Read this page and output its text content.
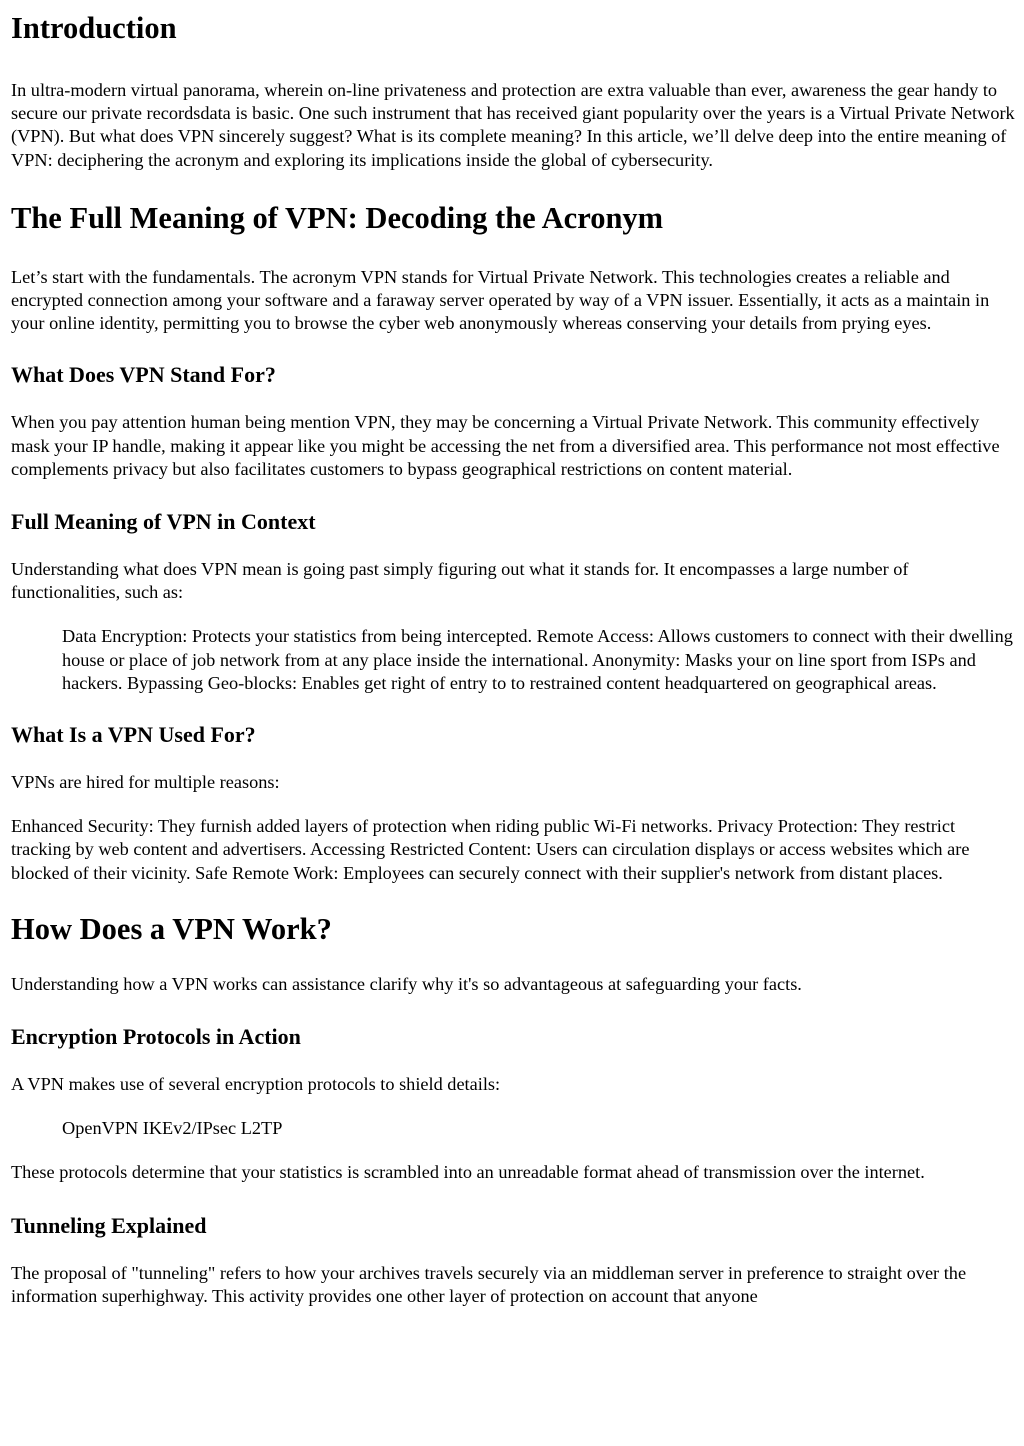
Introduction

In ultra-modern virtual panorama, wherein on-line privateness and protection are extra valuable than ever, awareness the gear handy to secure our private recordsdata is basic. One such instrument that has received giant popularity over the years is a Virtual Private Network (VPN). But what does VPN sincerely suggest? What is its complete meaning? In this article, we’ll delve deep into the entire meaning of VPN: deciphering the acronym and exploring its implications inside the global of cybersecurity.

The Full Meaning of VPN: Decoding the Acronym

Let’s start with the fundamentals. The acronym VPN stands for Virtual Private Network. This technologies creates a reliable and encrypted connection among your software and a faraway server operated by way of a VPN issuer. Essentially, it acts as a maintain in your online identity, permitting you to browse the cyber web anonymously whereas conserving your details from prying eyes.

What Does VPN Stand For?

When you pay attention human being mention VPN, they may be concerning a Virtual Private Network. This community effectively mask your IP handle, making it appear like you might be accessing the net from a diversified area. This performance not most effective complements privacy but also facilitates customers to bypass geographical restrictions on content material.

Full Meaning of VPN in Context

Understanding what does VPN mean is going past simply figuring out what it stands for. It encompasses a large number of functionalities, such as:

Data Encryption: Protects your statistics from being intercepted. Remote Access: Allows customers to connect with their dwelling house or place of job network from at any place inside the international. Anonymity: Masks your on line sport from ISPs and hackers. Bypassing Geo-blocks: Enables get right of entry to to restrained content headquartered on geographical areas.
What Is a VPN Used For?

VPNs are hired for multiple reasons:

Enhanced Security: They furnish added layers of protection when riding public Wi-Fi networks. Privacy Protection: They restrict tracking by web content and advertisers. Accessing Restricted Content: Users can circulation displays or access websites which are blocked of their vicinity. Safe Remote Work: Employees can securely connect with their supplier's network from distant places.

How Does a VPN Work?

Understanding how a VPN works can assistance clarify why it's so advantageous at safeguarding your facts.

Encryption Protocols in Action

A VPN makes use of several encryption protocols to shield details:

OpenVPN IKEv2/IPsec L2TP

These protocols determine that your statistics is scrambled into an unreadable format ahead of transmission over the internet.

Tunneling Explained

The proposal of "tunneling" refers to how your archives travels securely via an middleman server in preference to straight over the information superhighway. This activity provides one other layer of protection on account that anyone
